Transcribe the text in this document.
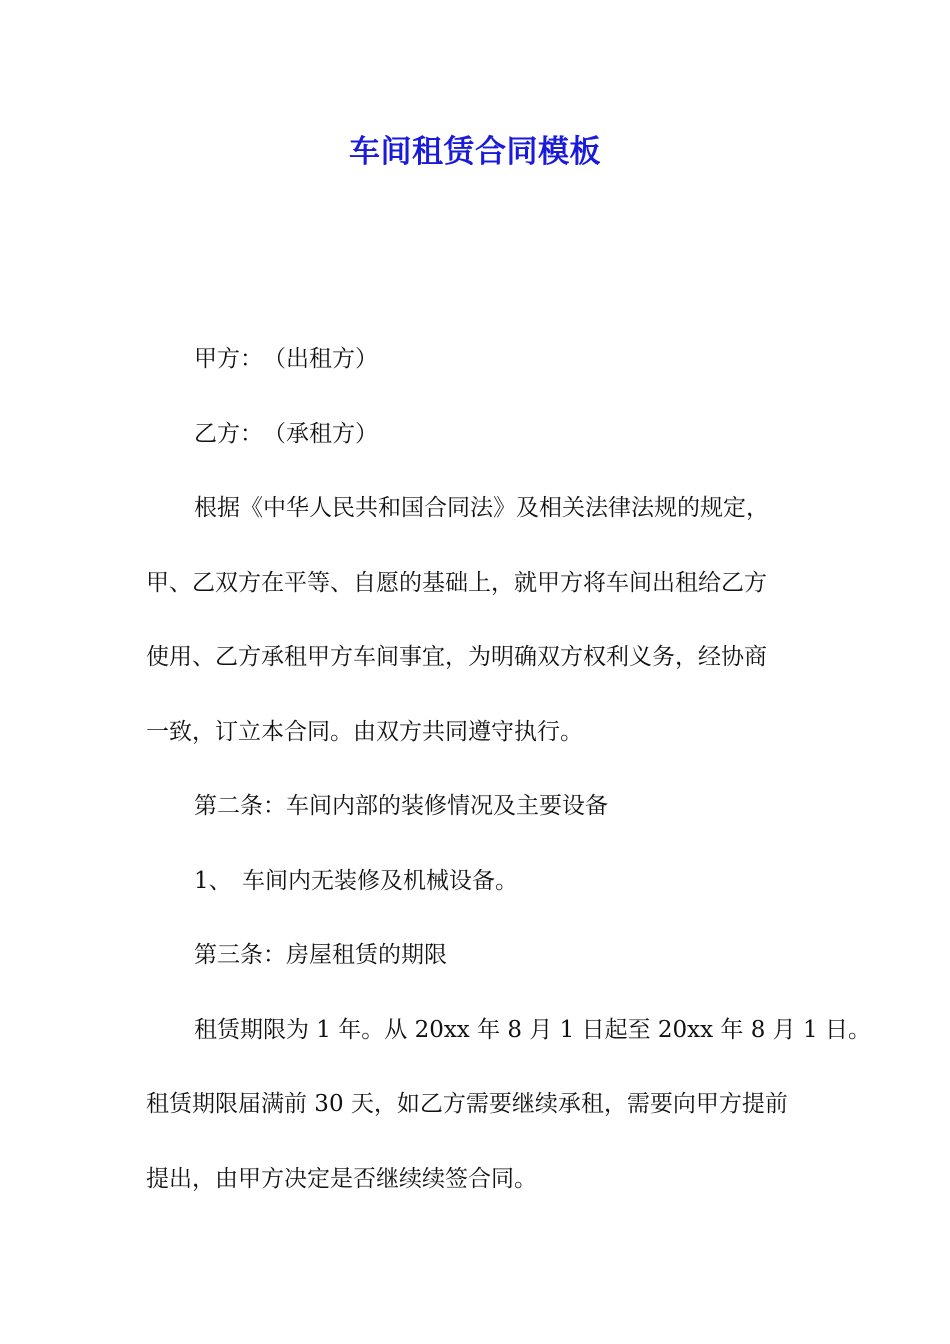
车间租赁合同模板
甲方：　（出租方）
乙方：　（承租方）
根据《中华人民共和国合同法》及相关法律法规的规定，
甲、乙双方在平等、自愿的基础上，就甲方将车间出租给乙方
使用、乙方承租甲方车间事宜，为明确双方权利义务，经协商
一致，订立本合同。由双方共同遵守执行。
第二条：车间内部的装修情况及主要设备
1、 车间内无装修及机械设备。
第三条：房屋租赁的期限
租赁期限为 1 年。从 20xx 年 8 月 1 日起至 20xx 年 8 月 1 日。
租赁期限届满前 30 天，如乙方需要继续承租，需要向甲方提前
提出，由甲方决定是否继续续签合同。
